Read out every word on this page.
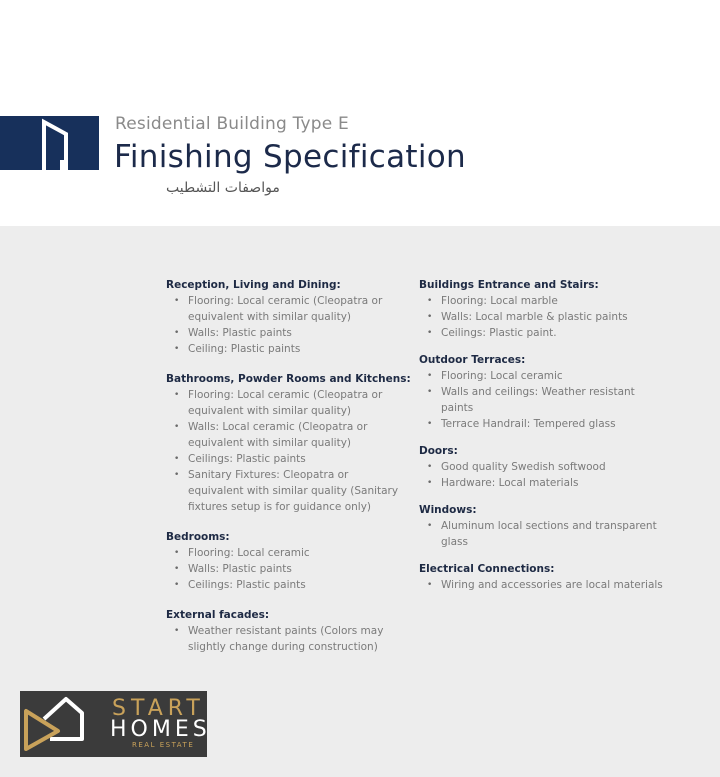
Residential Building Type E
Finishing Specification
مواصفات التشطيب
Reception, Living and Dining:
• Flooring: Local ceramic (Cleopatra or equivalent with similar quality)
• Walls: Plastic paints
• Ceiling: Plastic paints
Bathrooms, Powder Rooms and Kitchens:
• Flooring: Local ceramic (Cleopatra or equivalent with similar quality)
• Walls: Local ceramic (Cleopatra or equivalent with similar quality)
• Ceilings: Plastic paints
• Sanitary Fixtures: Cleopatra or equivalent with similar quality (Sanitary fixtures setup is for guidance only)
Bedrooms:
• Flooring: Local ceramic
• Walls: Plastic paints
• Ceilings: Plastic paints
External facades:
• Weather resistant paints (Colors may slightly change during construction)
Buildings Entrance and Stairs:
• Flooring: Local marble
• Walls: Local marble & plastic paints
• Ceilings: Plastic paint.
Outdoor Terraces:
• Flooring: Local ceramic
• Walls and ceilings: Weather resistant paints
• Terrace Handrail: Tempered glass
Doors:
• Good quality Swedish softwood
• Hardware: Local materials
Windows:
• Aluminum local sections and transparent glass
Electrical Connections:
• Wiring and accessories are local materials
START
HOMES
REAL ESTATE
